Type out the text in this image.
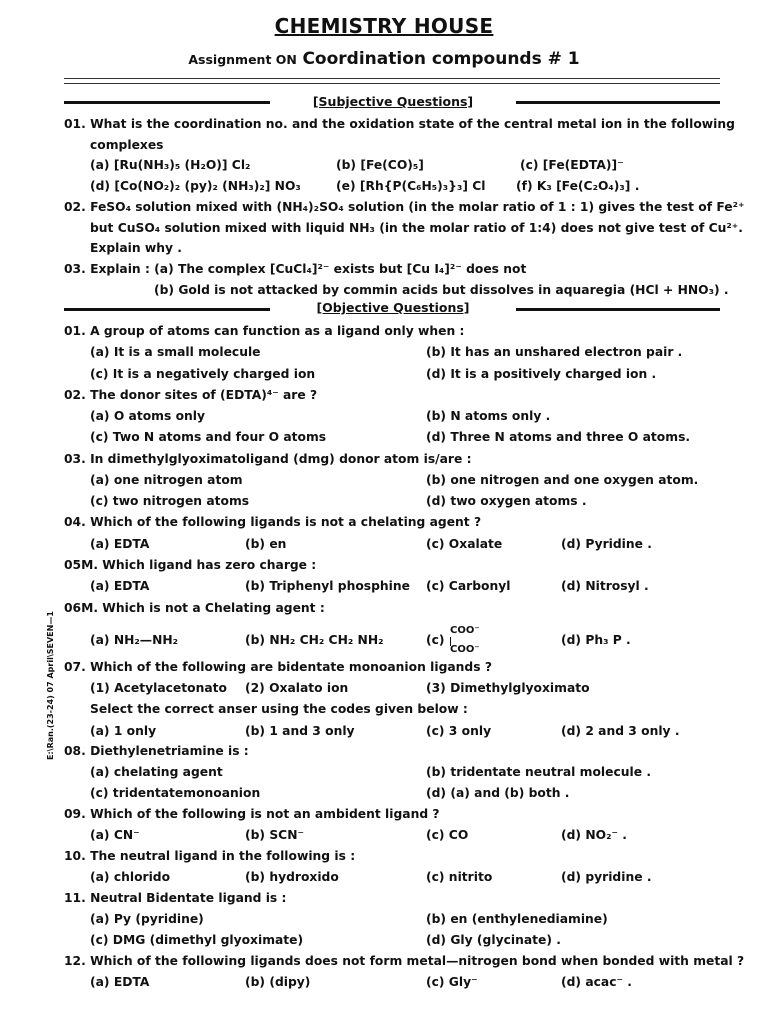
CHEMISTRY HOUSE
Assignment ON Coordination compounds # 1
[Subjective Questions]
01. What is the coordination no. and the oxidation state of the central metal ion in the following
complexes
(a) [Ru(NH₃)₅ (H₂O)] Cl₂	(b) [Fe(CO)₅]	(c) [Fe(EDTA)]⁻
(d) [Co(NO₂)₂ (py)₂ (NH₃)₂] NO₃	(e) [Rh{P(C₆H₅)₃}₃] Cl (f) K₃ [Fe(C₂O₄)₃] .
02. FeSO₄ solution mixed with (NH₄)₂SO₄ solution (in the molar ratio of 1 : 1) gives the test of Fe²⁺
but CuSO₄ solution mixed with liquid NH₃ (in the molar ratio of 1:4) does not give test of Cu²⁺.
Explain why .
03. Explain : (a) The complex [CuCl₄]²⁻ exists but [Cu I₄]²⁻ does not
(b) Gold is not attacked by commin acids but dissolves in aquaregia (HCl + HNO₃) .
[Objective Questions]
01. A group of atoms can function as a ligand only when :
(a) It is a small molecule	(b) It has an unshared electron pair .
(c) It is a negatively charged ion	(d) It is a positively charged ion .
02. The donor sites of (EDTA)⁴⁻ are ?
(a) O atoms only	(b) N atoms only .
(c) Two N atoms and four O atoms	(d) Three N atoms and three O atoms.
03. In dimethylglyoximatoligand (dmg) donor atom is/are :
(a) one nitrogen atom	(b) one nitrogen and one oxygen atom.
(c) two nitrogen atoms	(d) two oxygen atoms .
04. Which of the following ligands is not a chelating agent ?
(a) EDTA	(b) en	(c) Oxalate	(d) Pyridine .
05M. Which ligand has zero charge :
(a) EDTA	(b) Triphenyl phosphine (c) Carbonyl	(d) Nitrosyl .
06M. Which is not a Chelating agent :
(a) NH₂—NH₂	(b) NH₂ CH₂ CH₂ NH₂	(c)	(d) Ph₃ P .
COO⁻
COO⁻
07. Which of the following are bidentate monoanion ligands ?
(1) Acetylacetonato (2) Oxalato ion	(3) Dimethylglyoximato
Select the correct anser using the codes given below :
(a) 1 only	(b) 1 and 3 only	(c) 3 only	(d) 2 and 3 only .
08. Diethylenetriamine is :
(a) chelating agent	(b) tridentate neutral molecule .
(c) tridentatemonoanion	(d) (a) and (b) both .
09. Which of the following is not an ambident ligand ?
(a) CN⁻	(b) SCN⁻	(c) CO	(d) NO₂⁻ .
10. The neutral ligand in the following is :
(a) chlorido	(b) hydroxido	(c) nitrito	(d) pyridine .
11. Neutral Bidentate ligand is :
(a) Py (pyridine)	(b) en (enthylenediamine)
(c) DMG (dimethyl glyoximate)	(d) Gly (glycinate) .
12. Which of the following ligands does not form metal—nitrogen bond when bonded with metal ?
(a) EDTA	(b) (dipy)	(c) Gly⁻	(d) acac⁻ .
E:\Ran.(23-24) 07 April\SEVEN—1
